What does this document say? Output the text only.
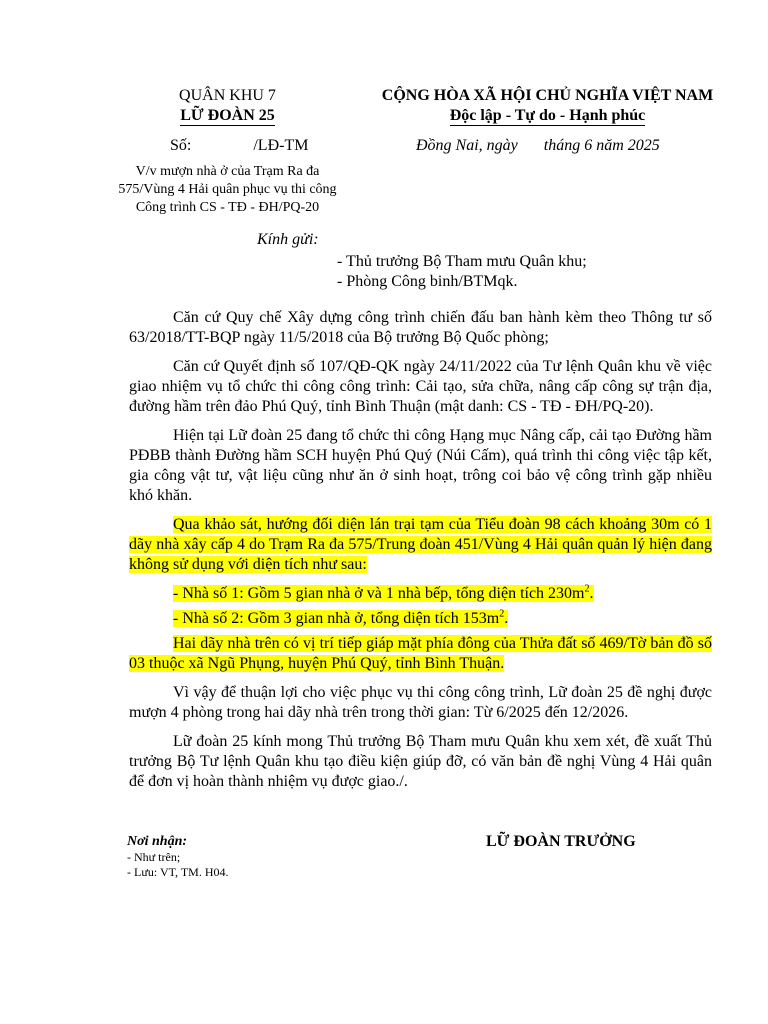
QUÂN KHU 7
LỮ ĐOÀN 25
CỘNG HÒA XÃ HỘI CHỦ NGHĨA VIỆT NAM
Độc lập - Tự do - Hạnh phúc
Số:	/LĐ-TM	Đồng Nai, ngày tháng 6 năm 2025
V/v mượn nhà ở của Trạm Ra đa
575/Vùng 4 Hải quân phục vụ thi công
Công trình CS - TĐ - ĐH/PQ-20
Kính gửi:
- Thủ trưởng Bộ Tham mưu Quân khu;
- Phòng Công binh/BTMqk.

Căn cứ Quy chế Xây dựng công trình chiến đấu ban hành kèm theo Thông tư số 63/2018/TT-BQP ngày 11/5/2018 của Bộ trưởng Bộ Quốc phòng;

Căn cứ Quyết định số 107/QĐ-QK ngày 24/11/2022 của Tư lệnh Quân khu về việc giao nhiệm vụ tổ chức thi công công trình: Cải tạo, sửa chữa, nâng cấp công sự trận địa, đường hầm trên đảo Phú Quý, tỉnh Bình Thuận (mật danh: CS - TĐ - ĐH/PQ-20).

Hiện tại Lữ đoàn 25 đang tổ chức thi công Hạng mục Nâng cấp, cải tạo Đường hầm PĐBB thành Đường hầm SCH huyện Phú Quý (Núi Cấm), quá trình thi công việc tập kết, gia công vật tư, vật liệu cũng như ăn ở sinh hoạt, trông coi bảo vệ công trình gặp nhiều khó khăn.

Qua khảo sát, hướng đối diện lán trại tạm của Tiểu đoàn 98 cách khoảng 30m có 1 dãy nhà xây cấp 4 do Trạm Ra đa 575/Trung đoàn 451/Vùng 4 Hải quân quản lý hiện đang không sử dụng với diện tích như sau:

- Nhà số 1: Gồm 5 gian nhà ở và 1 nhà bếp, tổng diện tích $230m^2$.

- Nhà số 2: Gồm 3 gian nhà ở, tổng diện tích $153m^2$.

Hai dãy nhà trên có vị trí tiếp giáp mặt phía đông của Thửa đất số 469/Tờ bản đồ số 03 thuộc xã Ngũ Phụng, huyện Phú Quý, tỉnh Bình Thuận.

Vì vậy để thuận lợi cho việc phục vụ thi công công trình, Lữ đoàn 25 đề nghị được mượn 4 phòng trong hai dãy nhà trên trong thời gian: Từ 6/2025 đến 12/2026.

Lữ đoàn 25 kính mong Thủ trưởng Bộ Tham mưu Quân khu xem xét, đề xuất Thủ trưởng Bộ Tư lệnh Quân khu tạo điều kiện giúp đỡ, có văn bản đề nghị Vùng 4 Hải quân để đơn vị hoàn thành nhiệm vụ được giao./.

Nơi nhận:
- Như trên;
- Lưu: VT, TM. H04.
LỮ ĐOÀN TRƯỞNG
